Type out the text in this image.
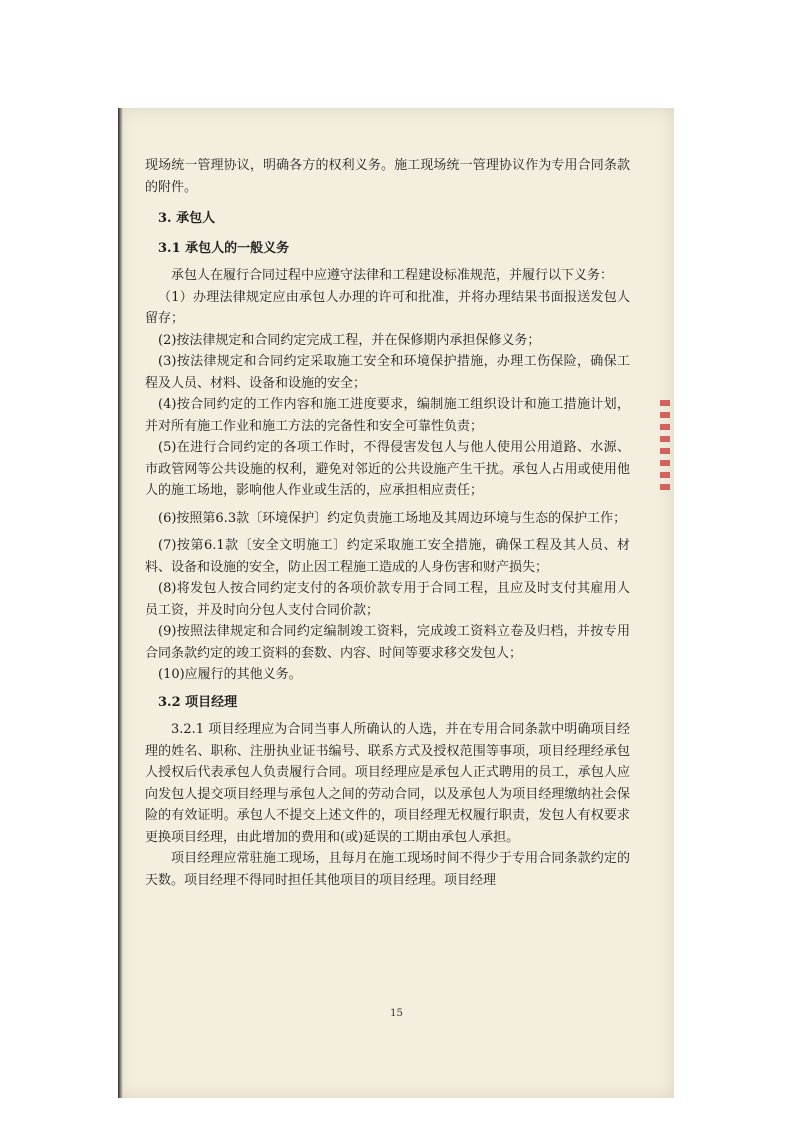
现场统一管理协议，明确各方的权利义务。施工现场统一管理协议作为专用合同条款的附件。

3. 承包人

3.1 承包人的一般义务

承包人在履行合同过程中应遵守法律和工程建设标准规范，并履行以下义务：

（1）办理法律规定应由承包人办理的许可和批准，并将办理结果书面报送发包人留存；

(2)按法律规定和合同约定完成工程，并在保修期内承担保修义务；

(3)按法律规定和合同约定采取施工安全和环境保护措施，办理工伤保险，确保工程及人员、材料、设备和设施的安全；

(4)按合同约定的工作内容和施工进度要求，编制施工组织设计和施工措施计划，并对所有施工作业和施工方法的完备性和安全可靠性负责；

(5)在进行合同约定的各项工作时，不得侵害发包人与他人使用公用道路、水源、市政管网等公共设施的权利，避免对邻近的公共设施产生干扰。承包人占用或使用他人的施工场地，影响他人作业或生活的，应承担相应责任；

(6)按照第6.3款〔环境保护〕约定负责施工场地及其周边环境与生态的保护工作；

(7)按第6.1款〔安全文明施工〕约定采取施工安全措施，确保工程及其人员、材料、设备和设施的安全，防止因工程施工造成的人身伤害和财产损失；

(8)将发包人按合同约定支付的各项价款专用于合同工程，且应及时支付其雇用人员工资，并及时向分包人支付合同价款；

(9)按照法律规定和合同约定编制竣工资料，完成竣工资料立卷及归档，并按专用合同条款约定的竣工资料的套数、内容、时间等要求移交发包人；

(10)应履行的其他义务。

3.2 项目经理

3.2.1 项目经理应为合同当事人所确认的人选，并在专用合同条款中明确项目经理的姓名、职称、注册执业证书编号、联系方式及授权范围等事项，项目经理经承包人授权后代表承包人负责履行合同。项目经理应是承包人正式聘用的员工，承包人应向发包人提交项目经理与承包人之间的劳动合同，以及承包人为项目经理缴纳社会保险的有效证明。承包人不提交上述文件的，项目经理无权履行职责，发包人有权要求更换项目经理，由此增加的费用和(或)延误的工期由承包人承担。

项目经理应常驻施工现场，且每月在施工现场时间不得少于专用合同条款约定的天数。项目经理不得同时担任其他项目的项目经理。项目经理

15
